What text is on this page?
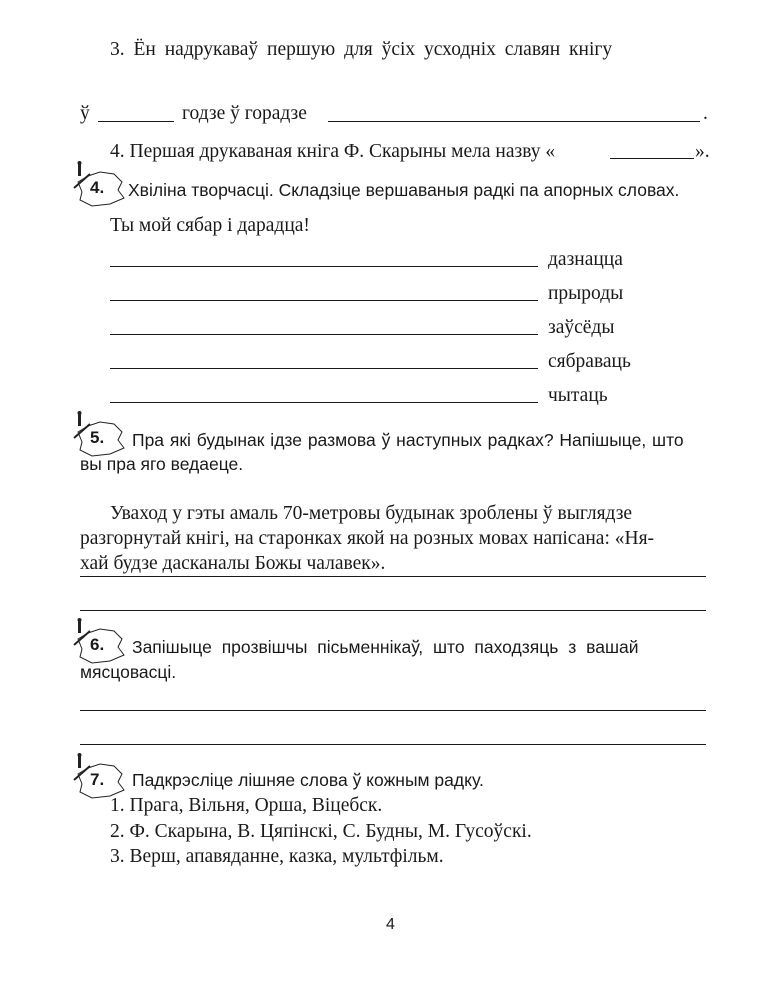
3. Ён надрукаваў першую для ўсіх усходніх славян кнігу
ў	годзе ў горадзе	.
4. Першая друкаваная кніга Ф. Скарыны мела назву «	».
4. Хвіліна творчасці. Складзіце вершаваныя радкі па апорных словах.
Ты мой сябар і дарадца!
дазнацца
прыроды
заўсёды
сябраваць
чытаць
5. Пра які будынак ідзе размова ў наступных радках? Напішыце, што
вы пра яго ведаеце.
Уваход у гэты амаль 70-метровы будынак зроблены ў выглядзе
разгорнутай кнігі, на старонках якой на розных мовах напісана: «Ня-
хай будзе дасканалы Божы чалавек».
6. Запішыце прозвішчы пісьменнікаў, што паходзяць з вашай
мясцовасці.
7. Падкрэсліце лішняе слова ў кожным радку.
1. Прага, Вільня, Орша, Віцебск.
2. Ф. Скарына, В. Цяпінскі, С. Будны, М. Гусоўскі.
3. Верш, апавяданне, казка, мультфільм.
4
